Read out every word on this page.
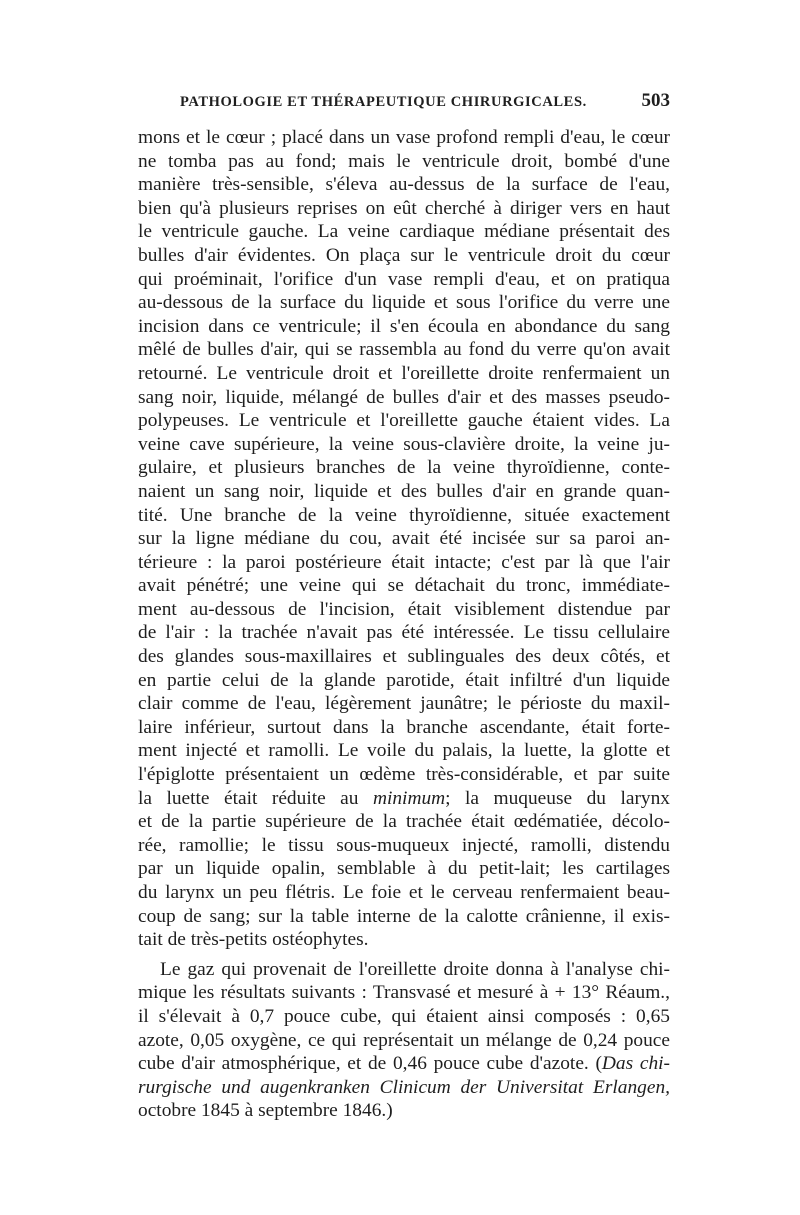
PATHOLOGIE ET THÉRAPEUTIQUE CHIRURGICALES.	503
mons et le cœur ; placé dans un vase profond rempli d'eau, le cœur
ne tomba pas au fond; mais le ventricule droit, bombé d'une
manière très-sensible, s'éleva au-dessus de la surface de l'eau,
bien qu'à plusieurs reprises on eût cherché à diriger vers en haut
le ventricule gauche. La veine cardiaque médiane présentait des
bulles d'air évidentes. On plaça sur le ventricule droit du cœur
qui proéminait, l'orifice d'un vase rempli d'eau, et on pratiqua
au-dessous de la surface du liquide et sous l'orifice du verre une
incision dans ce ventricule; il s'en écoula en abondance du sang
mêlé de bulles d'air, qui se rassembla au fond du verre qu'on avait
retourné. Le ventricule droit et l'oreillette droite renfermaient un
sang noir, liquide, mélangé de bulles d'air et des masses pseudo-
polypeuses. Le ventricule et l'oreillette gauche étaient vides. La
veine cave supérieure, la veine sous-clavière droite, la veine ju-
gulaire, et plusieurs branches de la veine thyroïdienne, conte-
naient un sang noir, liquide et des bulles d'air en grande quan-
tité. Une branche de la veine thyroïdienne, située exactement
sur la ligne médiane du cou, avait été incisée sur sa paroi an-
térieure : la paroi postérieure était intacte; c'est par là que l'air
avait pénétré; une veine qui se détachait du tronc, immédiate-
ment au-dessous de l'incision, était visiblement distendue par
de l'air : la trachée n'avait pas été intéressée. Le tissu cellulaire
des glandes sous-maxillaires et sublinguales des deux côtés, et
en partie celui de la glande parotide, était infiltré d'un liquide
clair comme de l'eau, légèrement jaunâtre; le périoste du maxil-
laire inférieur, surtout dans la branche ascendante, était forte-
ment injecté et ramolli. Le voile du palais, la luette, la glotte et
l'épiglotte présentaient un œdème très-considérable, et par suite
la luette était réduite au minimum; la muqueuse du larynx
et de la partie supérieure de la trachée était œdématiée, décolo-
rée, ramollie; le tissu sous-muqueux injecté, ramolli, distendu
par un liquide opalin, semblable à du petit-lait; les cartilages
du larynx un peu flétris. Le foie et le cerveau renfermaient beau-
coup de sang; sur la table interne de la calotte crânienne, il exis-
tait de très-petits ostéophytes.
Le gaz qui provenait de l'oreillette droite donna à l'analyse chi-
mique les résultats suivants : Transvasé et mesuré à + 13° Réaum.,
il s'élevait à 0,7 pouce cube, qui étaient ainsi composés : 0,65
azote, 0,05 oxygène, ce qui représentait un mélange de 0,24 pouce
cube d'air atmosphérique, et de 0,46 pouce cube d'azote. (Das chi-
rurgische und augenkranken Clinicum der Universitat Erlangen,
octobre 1845 à septembre 1846.)
